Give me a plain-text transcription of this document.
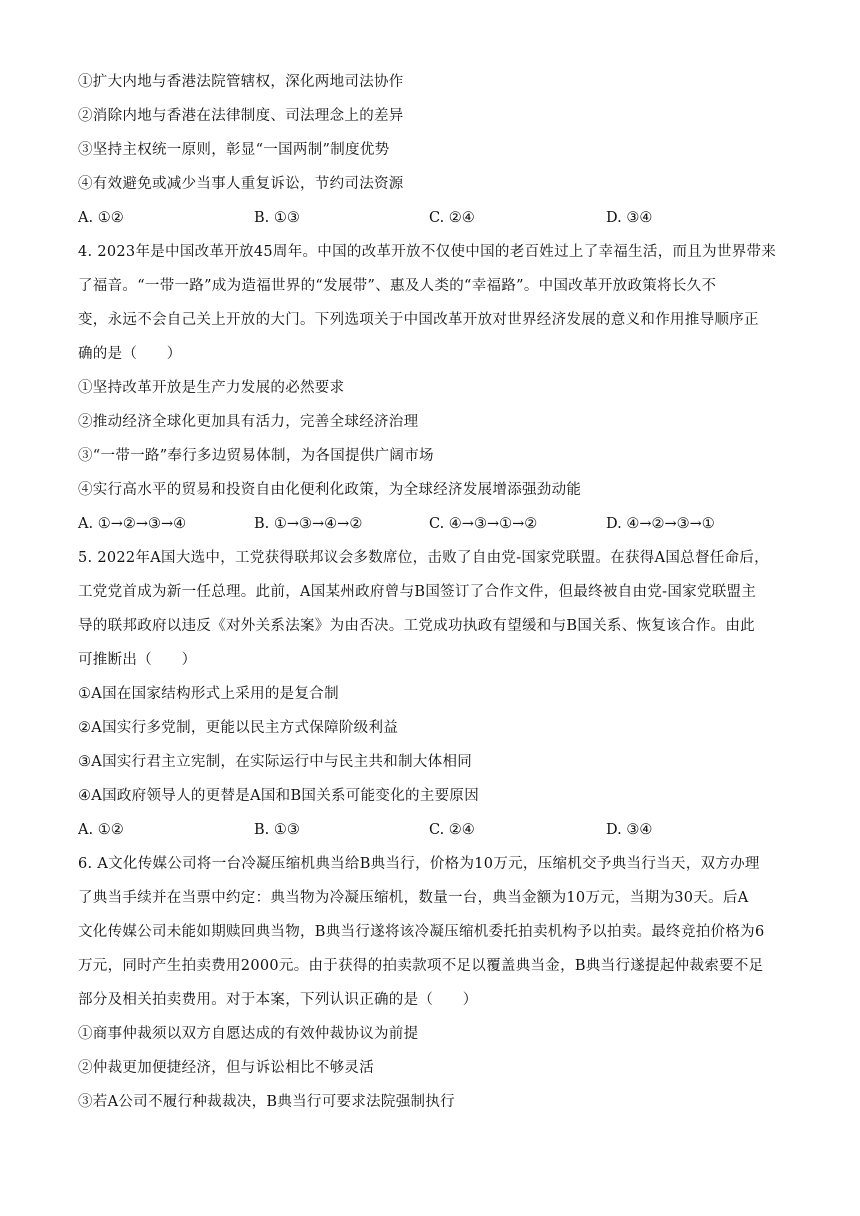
①扩大内地与香港法院管辖权，深化两地司法协作
②消除内地与香港在法律制度、司法理念上的差异
③坚持主权统一原则，彰显“一国两制”制度优势
④有效避免或减少当事人重复诉讼，节约司法资源
A. ①②	B. ①③	C. ②④	D. ③④
4. 2023年是中国改革开放45周年。中国的改革开放不仅使中国的老百姓过上了幸福生活，而且为世界带来
了福音。“一带一路”成为造福世界的“发展带”、惠及人类的“幸福路”。中国改革开放政策将长久不
变，永远不会自己关上开放的大门。下列选项关于中国改革开放对世界经济发展的意义和作用推导顺序正
确的是（　　）
①坚持改革开放是生产力发展的必然要求
②推动经济全球化更加具有活力，完善全球经济治理
③“一带一路”奉行多边贸易体制，为各国提供广阔市场
④实行高水平的贸易和投资自由化便利化政策，为全球经济发展增添强劲动能
A. ①→②→③→④	B. ①→③→④→②	C. ④→③→①→②	D. ④→②→③→①
5. 2022年A国大选中，工党获得联邦议会多数席位，击败了自由党-国家党联盟。在获得A国总督任命后，
工党党首成为新一任总理。此前，A国某州政府曾与B国签订了合作文件，但最终被自由党-国家党联盟主
导的联邦政府以违反《对外关系法案》为由否决。工党成功执政有望缓和与B国关系、恢复该合作。由此
可推断出（　　）
①A国在国家结构形式上采用的是复合制
②A国实行多党制，更能以民主方式保障阶级利益
③A国实行君主立宪制，在实际运行中与民主共和制大体相同
④A国政府领导人的更替是A国和B国关系可能变化的主要原因
A. ①②	B. ①③	C. ②④	D. ③④
6. A文化传媒公司将一台冷凝压缩机典当给B典当行，价格为10万元，压缩机交予典当行当天，双方办理
了典当手续并在当票中约定：典当物为冷凝压缩机，数量一台，典当金额为10万元，当期为30天。后A
文化传媒公司未能如期赎回典当物，B典当行遂将该冷凝压缩机委托拍卖机构予以拍卖。最终竞拍价格为6
万元，同时产生拍卖费用2000元。由于获得的拍卖款项不足以覆盖典当金，B典当行遂提起仲裁索要不足
部分及相关拍卖费用。对于本案，下列认识正确的是（　　）
①商事仲裁须以双方自愿达成的有效仲裁协议为前提
②仲裁更加便捷经济，但与诉讼相比不够灵活
③若A公司不履行种裁裁决，B典当行可要求法院强制执行
